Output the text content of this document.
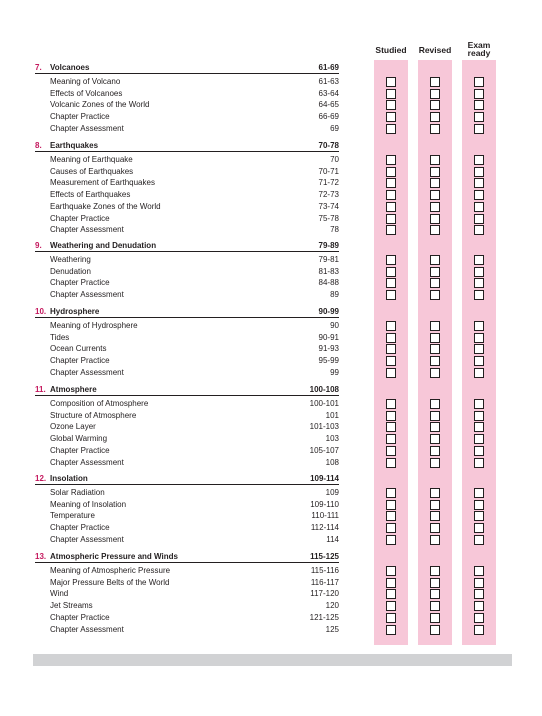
Studied	Revised	Exam
ready
7. Volcanoes	61-69
Meaning of Volcano	61-63
Effects of Volcanoes	63-64
Volcanic Zones of the World	64-65
Chapter Practice	66-69
Chapter Assessment	69
8. Earthquakes	70-78
Meaning of Earthquake	70
Causes of Earthquakes	70-71
Measurement of Earthquakes	71-72
Effects of Earthquakes	72-73
Earthquake Zones of the World	73-74
Chapter Practice	75-78
Chapter Assessment	78
9. Weathering and Denudation	79-89
Weathering	79-81
Denudation	81-83
Chapter Practice	84-88
Chapter Assessment	89
10. Hydrosphere	90-99
Meaning of Hydrosphere	90
Tides	90-91
Ocean Currents	91-93
Chapter Practice	95-99
Chapter Assessment	99
11. Atmosphere	100-108
Composition of Atmosphere	100-101
Structure of Atmosphere	101
Ozone Layer	101-103
Global Warming	103
Chapter Practice	105-107
Chapter Assessment	108
12. Insolation	109-114
Solar Radiation	109
Meaning of Insolation	109-110
Temperature	110-111
Chapter Practice	112-114
Chapter Assessment	114
13. Atmospheric Pressure and Winds	115-125
Meaning of Atmospheric Pressure	115-116
Major Pressure Belts of the World	116-117
Wind	117-120
Jet Streams	120
Chapter Practice	121-125
Chapter Assessment	125
